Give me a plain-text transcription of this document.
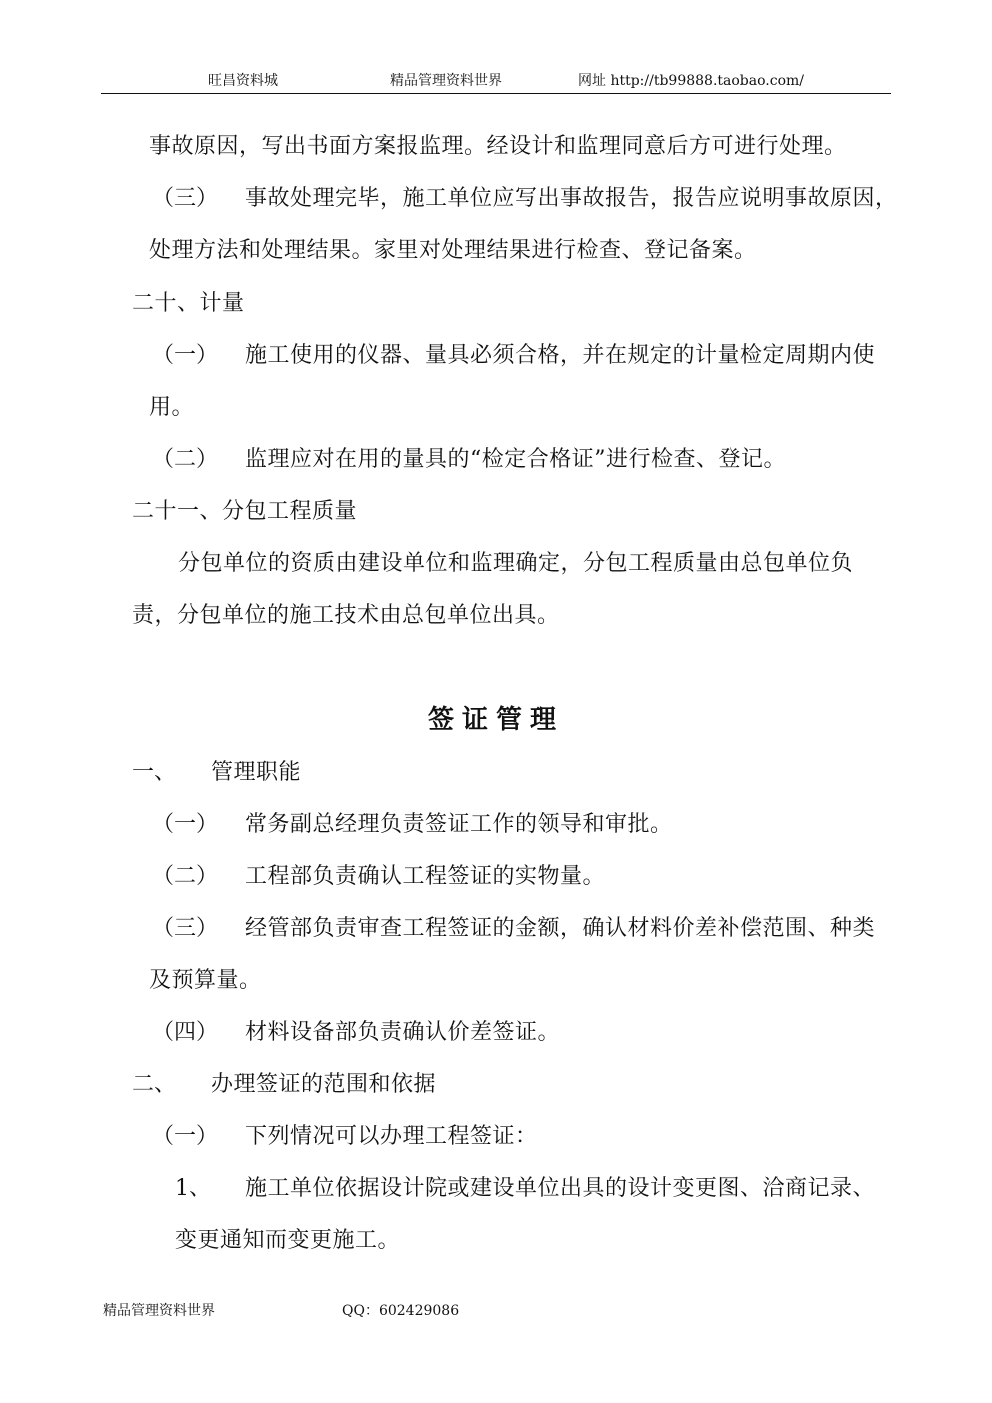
旺昌资料城	精品管理资料世界	网址 http://tb99888.taobao.com/
事故原因，写出书面方案报监理。经设计和监理同意后方可进行处理。
（三） 事故处理完毕，施工单位应写出事故报告，报告应说明事故原因，
处理方法和处理结果。家里对处理结果进行检查、登记备案。
二十、计量
（一） 施工使用的仪器、量具必须合格，并在规定的计量检定周期内使
用。
（二） 监理应对在用的量具的“检定合格证”进行检查、登记。
二十一、分包工程质量
分包单位的资质由建设单位和监理确定，分包工程质量由总包单位负
责，分包单位的施工技术由总包单位出具。
签证管理
一、 管理职能
（一） 常务副总经理负责签证工作的领导和审批。
（二） 工程部负责确认工程签证的实物量。
（三） 经管部负责审查工程签证的金额，确认材料价差补偿范围、种类
及预算量。
（四） 材料设备部负责确认价差签证。
二、 办理签证的范围和依据
（一） 下列情况可以办理工程签证：
1、 施工单位依据设计院或建设单位出具的设计变更图、洽商记录、
变更通知而变更施工。
精品管理资料世界	QQ：602429086
